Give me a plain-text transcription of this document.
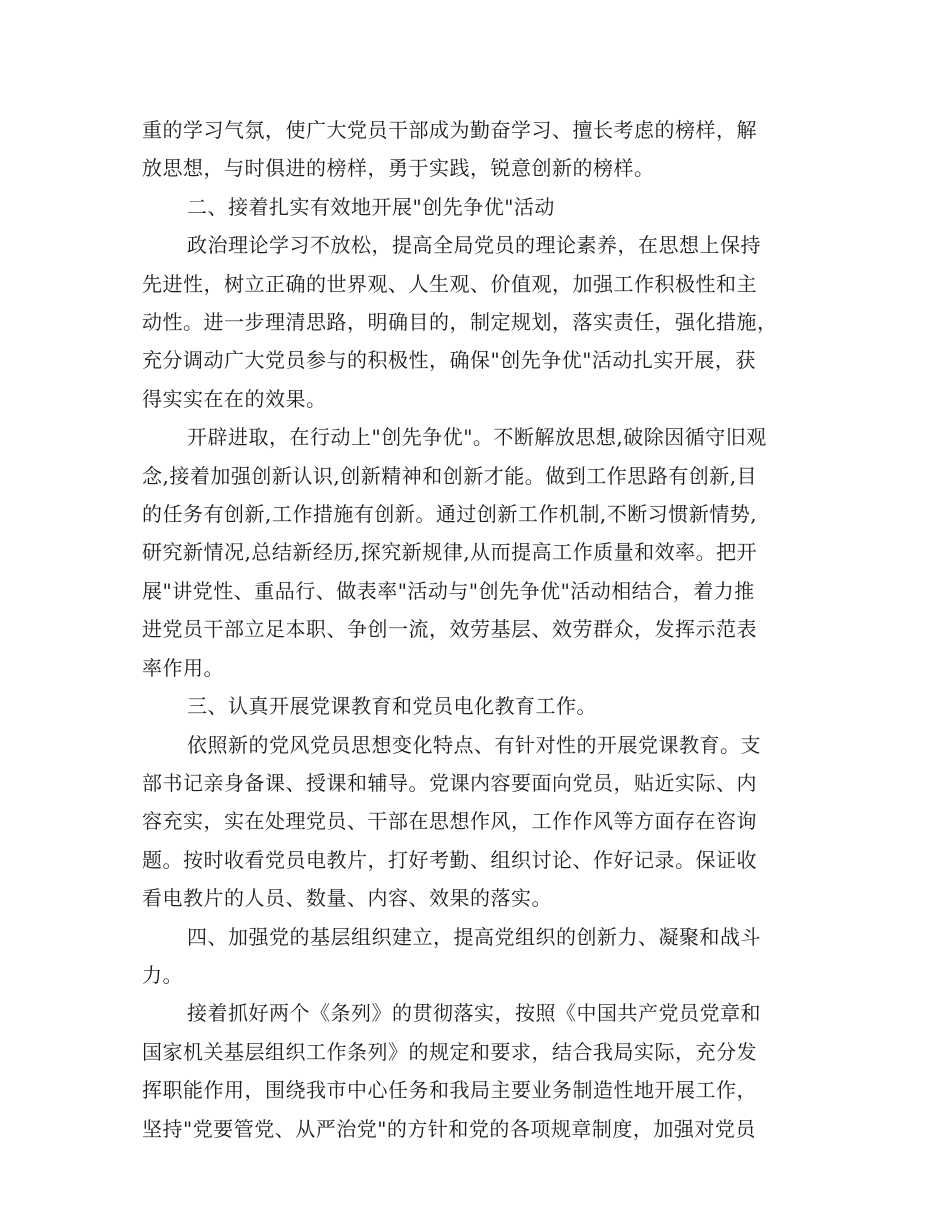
重的学习气氛，使广大党员干部成为勤奋学习、擅长考虑的榜样，解
放思想，与时俱进的榜样，勇于实践，锐意创新的榜样。

二、接着扎实有效地开展"创先争优"活动

政治理论学习不放松，提高全局党员的理论素养，在思想上保持
先进性，树立正确的世界观、人生观、价值观，加强工作积极性和主
动性。进一步理清思路，明确目的，制定规划，落实责任，强化措施，
充分调动广大党员参与的积极性，确保"创先争优"活动扎实开展，获
得实实在在的效果。

开辟进取，在行动上"创先争优"。不断解放思想,破除因循守旧观
念,接着加强创新认识,创新精神和创新才能。做到工作思路有创新,目
的任务有创新,工作措施有创新。通过创新工作机制,不断习惯新情势,
研究新情况,总结新经历,探究新规律,从而提高工作质量和效率。把开
展"讲党性、重品行、做表率"活动与"创先争优"活动相结合，着力推
进党员干部立足本职、争创一流，效劳基层、效劳群众，发挥示范表
率作用。

三、认真开展党课教育和党员电化教育工作。

依照新的党风党员思想变化特点、有针对性的开展党课教育。支
部书记亲身备课、授课和辅导。党课内容要面向党员，贴近实际、内
容充实，实在处理党员、干部在思想作风，工作作风等方面存在咨询
题。按时收看党员电教片，打好考勤、组织讨论、作好记录。保证收
看电教片的人员、数量、内容、效果的落实。

四、加强党的基层组织建立，提高党组织的创新力、凝聚和战斗
力。

接着抓好两个《条列》的贯彻落实，按照《中国共产党员党章和
国家机关基层组织工作条列》的规定和要求，结合我局实际，充分发
挥职能作用，围绕我市中心任务和我局主要业务制造性地开展工作，
坚持"党要管党、从严治党"的方针和党的各项规章制度，加强对党员
